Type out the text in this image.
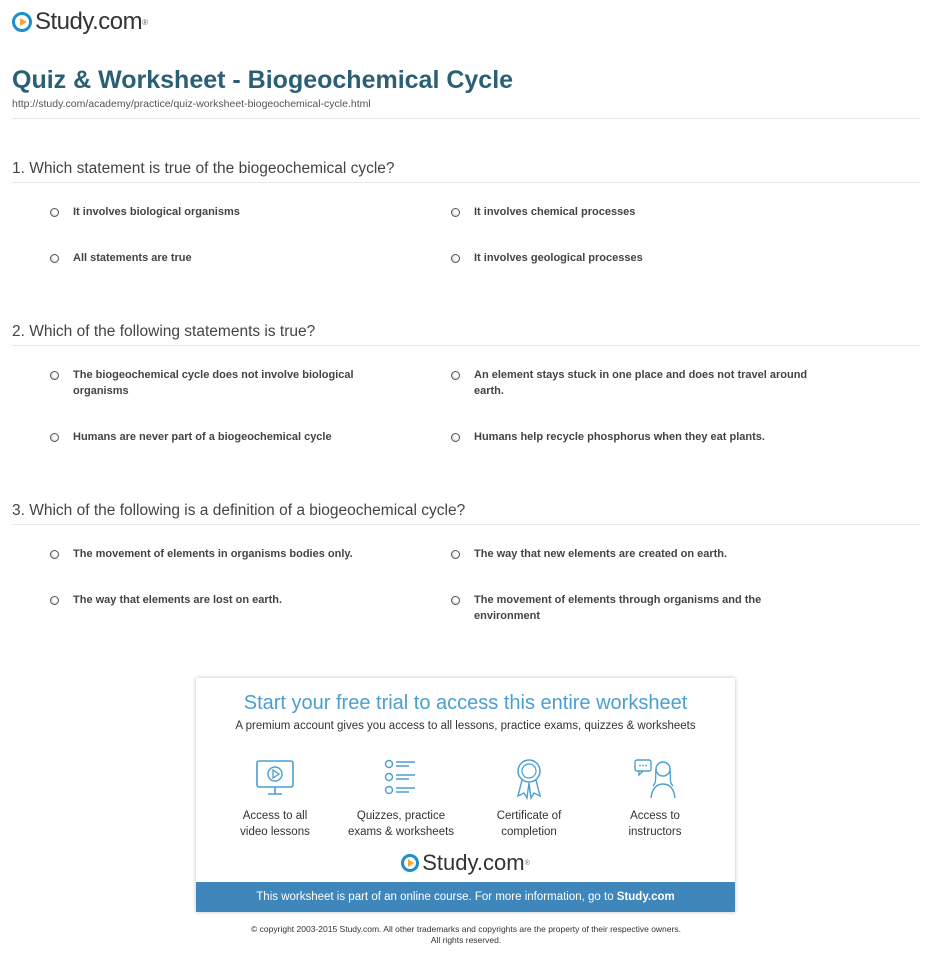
Study.com ®
Quiz & Worksheet - Biogeochemical Cycle
http://study.com/academy/practice/quiz-worksheet-biogeochemical-cycle.html
1. Which statement is true of the biogeochemical cycle?
It involves biological organisms	It involves chemical processes
All statements are true	It involves geological processes
2. Which of the following statements is true?
The biogeochemical cycle does not involve biological
organisms
An element stays stuck in one place and does not travel around
earth.
Humans are never part of a biogeochemical cycle	Humans help recycle phosphorus when they eat plants.
3. Which of the following is a definition of a biogeochemical cycle?
The movement of elements in organisms bodies only.	The way that new elements are created on earth.
The way that elements are lost on earth.	The movement of elements through organisms and the
environment
Start your free trial to access this entire worksheet
A premium account gives you access to all lessons, practice exams, quizzes & worksheets
Access to all
video lessons
Quizzes, practice
exams & worksheets
Certificate of
completion
Access to
instructors
Study.com ®
This worksheet is part of an online course. For more information, go to Study.com
© copyright 2003-2015 Study.com. All other trademarks and copyrights are the property of their respective owners.
All rights reserved.
